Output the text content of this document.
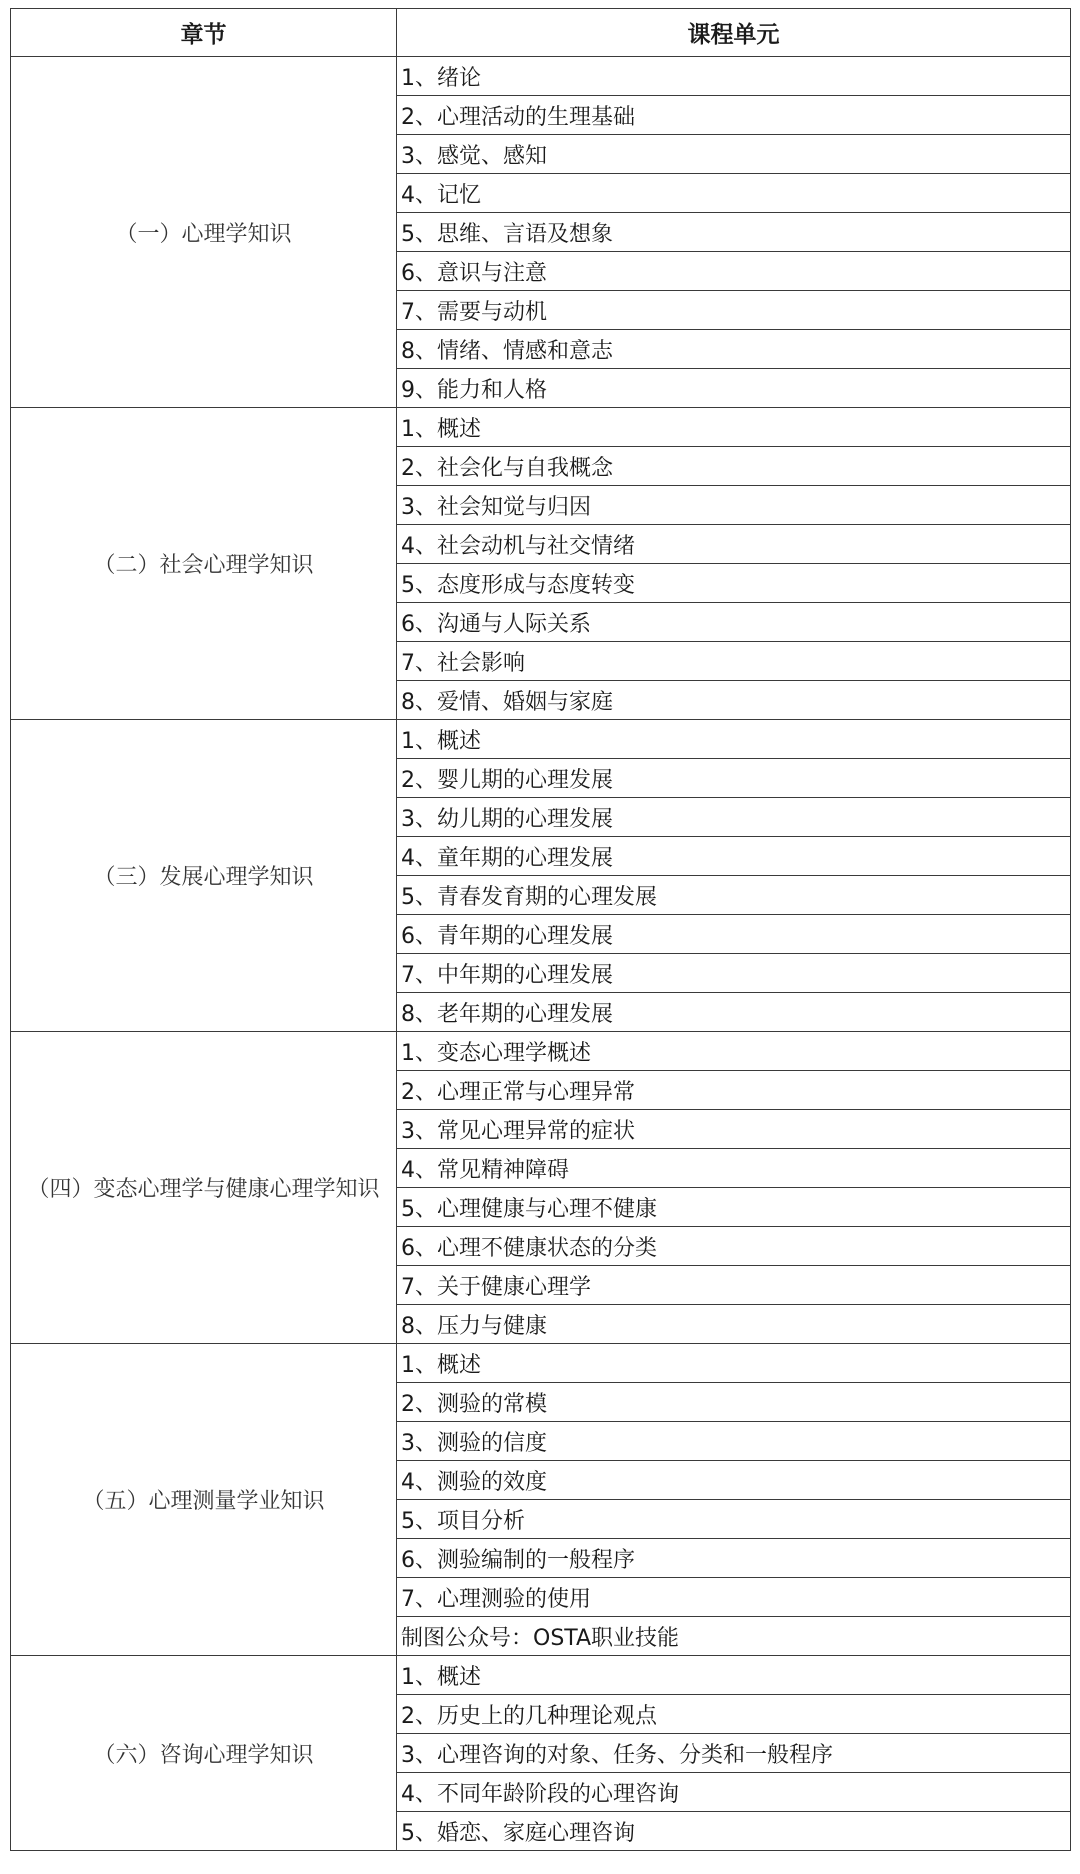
章节	课程单元
（一）心理学知识	1、绪论
	2、心理活动的生理基础
	3、感觉、感知
	4、记忆
	5、思维、言语及想象
	6、意识与注意
	7、需要与动机
	8、情绪、情感和意志
	9、能力和人格
（二）社会心理学知识	1、概述
	2、社会化与自我概念
	3、社会知觉与归因
	4、社会动机与社交情绪
	5、态度形成与态度转变
	6、沟通与人际关系
	7、社会影响
	8、爱情、婚姻与家庭
（三）发展心理学知识	1、概述
	2、婴儿期的心理发展
	3、幼儿期的心理发展
	4、童年期的心理发展
	5、青春发育期的心理发展
	6、青年期的心理发展
	7、中年期的心理发展
	8、老年期的心理发展
（四）变态心理学与健康心理学知识	1、变态心理学概述
	2、心理正常与心理异常
	3、常见心理异常的症状
	4、常见精神障碍
	5、心理健康与心理不健康
	6、心理不健康状态的分类
	7、关于健康心理学
	8、压力与健康
（五）心理测量学业知识	1、概述
	2、测验的常模
	3、测验的信度
	4、测验的效度
	5、项目分析
	6、测验编制的一般程序
	7、心理测验的使用
	制图公众号：OSTA职业技能
（六）咨询心理学知识	1、概述
	2、历史上的几种理论观点
	3、心理咨询的对象、任务、分类和一般程序
	4、不同年龄阶段的心理咨询
	5、婚恋、家庭心理咨询
